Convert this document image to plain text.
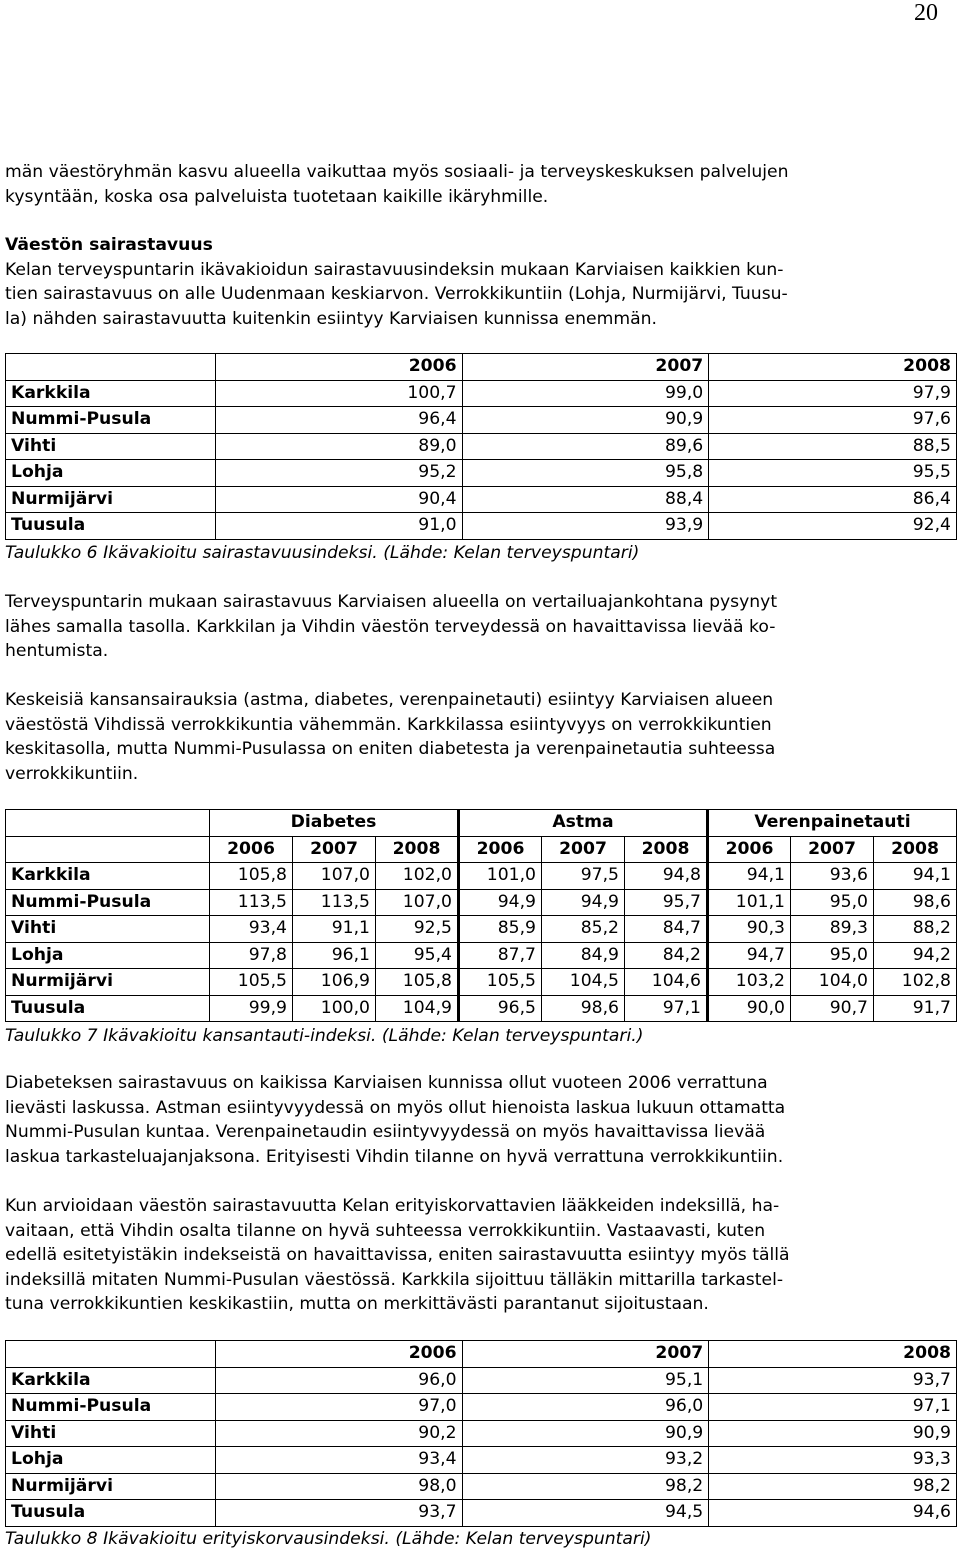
20
män väestöryhmän kasvu alueella vaikuttaa myös sosiaali- ja terveyskeskuksen palvelujen
kysyntään, koska osa palveluista tuotetaan kaikille ikäryhmille.
Väestön sairastavuus
Kelan terveyspuntarin ikävakioidun sairastavuusindeksin mukaan Karviaisen kaikkien kun-
tien sairastavuus on alle Uudenmaan keskiarvon. Verrokkikuntiin (Lohja, Nurmijärvi, Tuusu-
la) nähden sairastavuutta kuitenkin esiintyy Karviaisen kunnissa enemmän.
	2006	2007	2008
Karkkila	100,7	99,0	97,9
Nummi-Pusula	96,4	90,9	97,6
Vihti	89,0	89,6	88,5
Lohja	95,2	95,8	95,5
Nurmijärvi	90,4	88,4	86,4
Tuusula	91,0	93,9	92,4
Taulukko 6 Ikävakioitu sairastavuusindeksi. (Lähde: Kelan terveyspuntari)
Terveyspuntarin mukaan sairastavuus Karviaisen alueella on vertailuajankohtana pysynyt
lähes samalla tasolla. Karkkilan ja Vihdin väestön terveydessä on havaittavissa lievää ko-
hentumista.
Keskeisiä kansansairauksia (astma, diabetes, verenpainetauti) esiintyy Karviaisen alueen
väestöstä Vihdissä verrokkikuntia vähemmän. Karkkilassa esiintyvyys on verrokkikuntien
keskitasolla, mutta Nummi-Pusulassa on eniten diabetesta ja verenpainetautia suhteessa
verrokkikuntiin.
	Diabetes			Astma			Verenpainetauti		
	2006	2007	2008	2006	2007	2008	2006	2007	2008
Karkkila	105,8	107,0	102,0	101,0	97,5	94,8	94,1	93,6	94,1
Nummi-Pusula	113,5	113,5	107,0	94,9	94,9	95,7	101,1	95,0	98,6
Vihti	93,4	91,1	92,5	85,9	85,2	84,7	90,3	89,3	88,2
Lohja	97,8	96,1	95,4	87,7	84,9	84,2	94,7	95,0	94,2
Nurmijärvi	105,5	106,9	105,8	105,5	104,5	104,6	103,2	104,0	102,8
Tuusula	99,9	100,0	104,9	96,5	98,6	97,1	90,0	90,7	91,7
Taulukko 7 Ikävakioitu kansantauti-indeksi. (Lähde: Kelan terveyspuntari.)
Diabeteksen sairastavuus on kaikissa Karviaisen kunnissa ollut vuoteen 2006 verrattuna
lievästi laskussa. Astman esiintyvyydessä on myös ollut hienoista laskua lukuun ottamatta
Nummi-Pusulan kuntaa. Verenpainetaudin esiintyvyydessä on myös havaittavissa lievää
laskua tarkasteluajanjaksona. Erityisesti Vihdin tilanne on hyvä verrattuna verrokkikuntiin.
Kun arvioidaan väestön sairastavuutta Kelan erityiskorvattavien lääkkeiden indeksillä, ha-
vaitaan, että Vihdin osalta tilanne on hyvä suhteessa verrokkikuntiin. Vastaavasti, kuten
edellä esitetyistäkin indekseistä on havaittavissa, eniten sairastavuutta esiintyy myös tällä
indeksillä mitaten Nummi-Pusulan väestössä. Karkkila sijoittuu tälläkin mittarilla tarkastel-
tuna verrokkikuntien keskikastiin, mutta on merkittävästi parantanut sijoitustaan.
	2006	2007	2008
Karkkila	96,0	95,1	93,7
Nummi-Pusula	97,0	96,0	97,1
Vihti	90,2	90,9	90,9
Lohja	93,4	93,2	93,3
Nurmijärvi	98,0	98,2	98,2
Tuusula	93,7	94,5	94,6
Taulukko 8 Ikävakioitu erityiskorvausindeksi. (Lähde: Kelan terveyspuntari)
